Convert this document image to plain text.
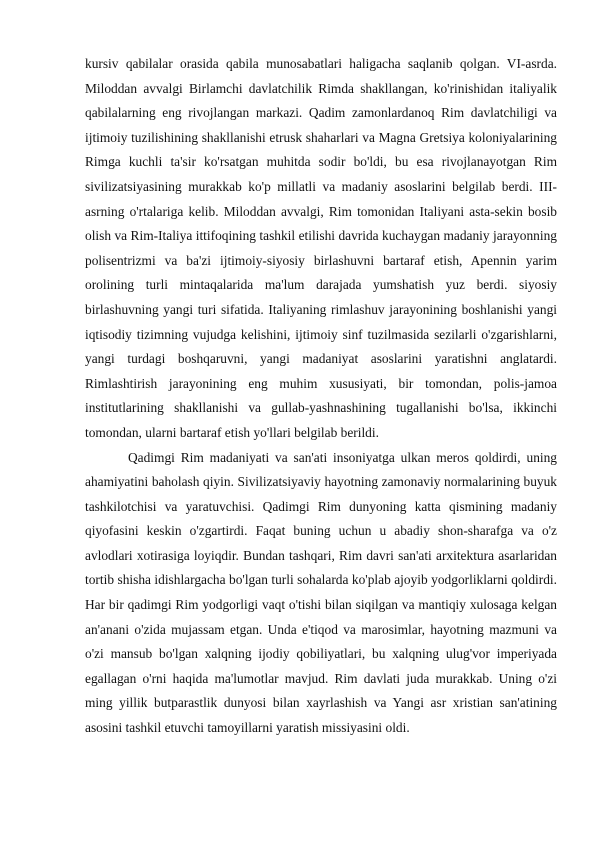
kursiv qabilalar orasida qabila munosabatlari haligacha saqlanib qolgan. VI-asrda. Miloddan avvalgi Birlamchi davlatchilik Rimda shakllangan, ko'rinishidan italiyalik qabilalarning eng rivojlangan markazi. Qadim zamonlardanoq Rim davlatchiligi va ijtimoiy tuzilishining shakllanishi etrusk shaharlari va Magna Gretsiya koloniyalarining Rimga kuchli ta'sir ko'rsatgan muhitda sodir bo'ldi, bu esa rivojlanayotgan Rim sivilizatsiyasining murakkab ko'p millatli va madaniy asoslarini belgilab berdi. III-asrning o'rtalariga kelib. Miloddan avvalgi, Rim tomonidan Italiyani asta-sekin bosib olish va Rim-Italiya ittifoqining tashkil etilishi davrida kuchaygan madaniy jarayonning polisentrizmi va ba'zi ijtimoiy-siyosiy birlashuvni bartaraf etish, Apennin yarim orolining turli mintaqalarida ma'lum darajada yumshatish yuz berdi. siyosiy birlashuvning yangi turi sifatida. Italiyaning rimlashuv jarayonining boshlanishi yangi iqtisodiy tizimning vujudga kelishini, ijtimoiy sinf tuzilmasida sezilarli o'zgarishlarni, yangi turdagi boshqaruvni, yangi madaniyat asoslarini yaratishni anglatardi. Rimlashtirish jarayonining eng muhim xususiyati, bir tomondan, polis-jamoa institutlarining shakllanishi va gullab-yashnashining tugallanishi bo'lsa, ikkinchi tomondan, ularni bartaraf etish yo'llari belgilab berildi.

Qadimgi Rim madaniyati va san'ati insoniyatga ulkan meros qoldirdi, uning ahamiyatini baholash qiyin. Sivilizatsiyaviy hayotning zamonaviy normalarining buyuk tashkilotchisi va yaratuvchisi. Qadimgi Rim dunyoning katta qismining madaniy qiyofasini keskin o'zgartirdi. Faqat buning uchun u abadiy shon-sharafga va o'z avlodlari xotirasiga loyiqdir. Bundan tashqari, Rim davri san'ati arxitektura asarlaridan tortib shisha idishlargacha bo'lgan turli sohalarda ko'plab ajoyib yodgorliklarni qoldirdi. Har bir qadimgi Rim yodgorligi vaqt o'tishi bilan siqilgan va mantiqiy xulosaga kelgan an'anani o'zida mujassam etgan. Unda e'tiqod va marosimlar, hayotning mazmuni va o'zi mansub bo'lgan xalqning ijodiy qobiliyatlari, bu xalqning ulug'vor imperiyada egallagan o'rni haqida ma'lumotlar mavjud. Rim davlati juda murakkab. Uning o'zi ming yillik butparastlik dunyosi bilan xayrlashish va Yangi asr xristian san'atining asosini tashkil etuvchi tamoyillarni yaratish missiyasini oldi.
